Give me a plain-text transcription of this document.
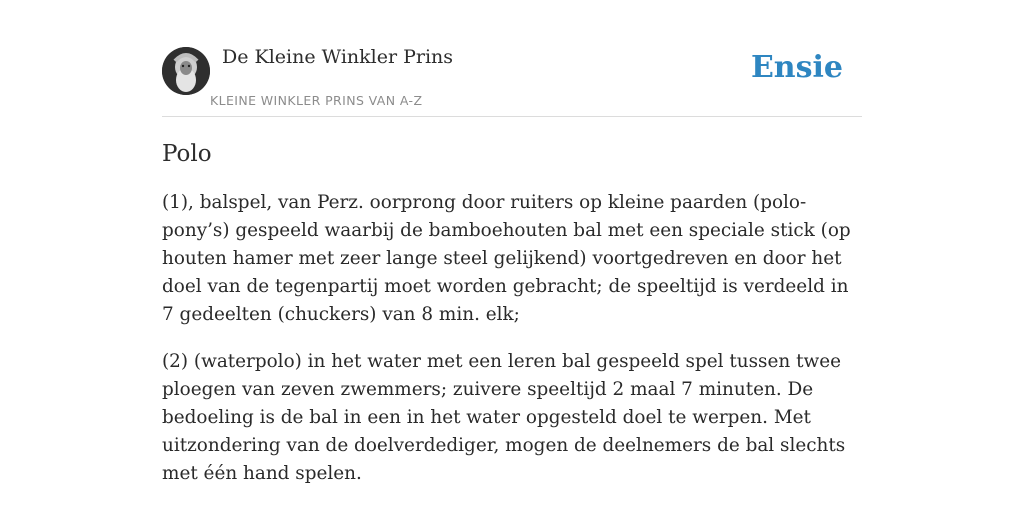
De Kleine Winkler Prins
KLEINE WINKLER PRINS VAN A-Z
Ensie
Polo

(1), balspel, van Perz. oorprong door ruiters op kleine paarden (polo-pony’s) gespeeld waarbij de bamboehouten bal met een speciale stick (op houten hamer met zeer lange steel gelijkend) voortgedreven en door het doel van de tegenpartij moet worden gebracht; de speeltijd is verdeeld in 7 gedeelten (chuckers) van 8 min. elk;

(2) (waterpolo) in het water met een leren bal gespeeld spel tussen twee ploegen van zeven zwemmers; zuivere speeltijd 2 maal 7 minuten. De bedoeling is de bal in een in het water opgesteld doel te werpen. Met uitzondering van de doelverdediger, mogen de deelnemers de bal slechts met één hand spelen.
